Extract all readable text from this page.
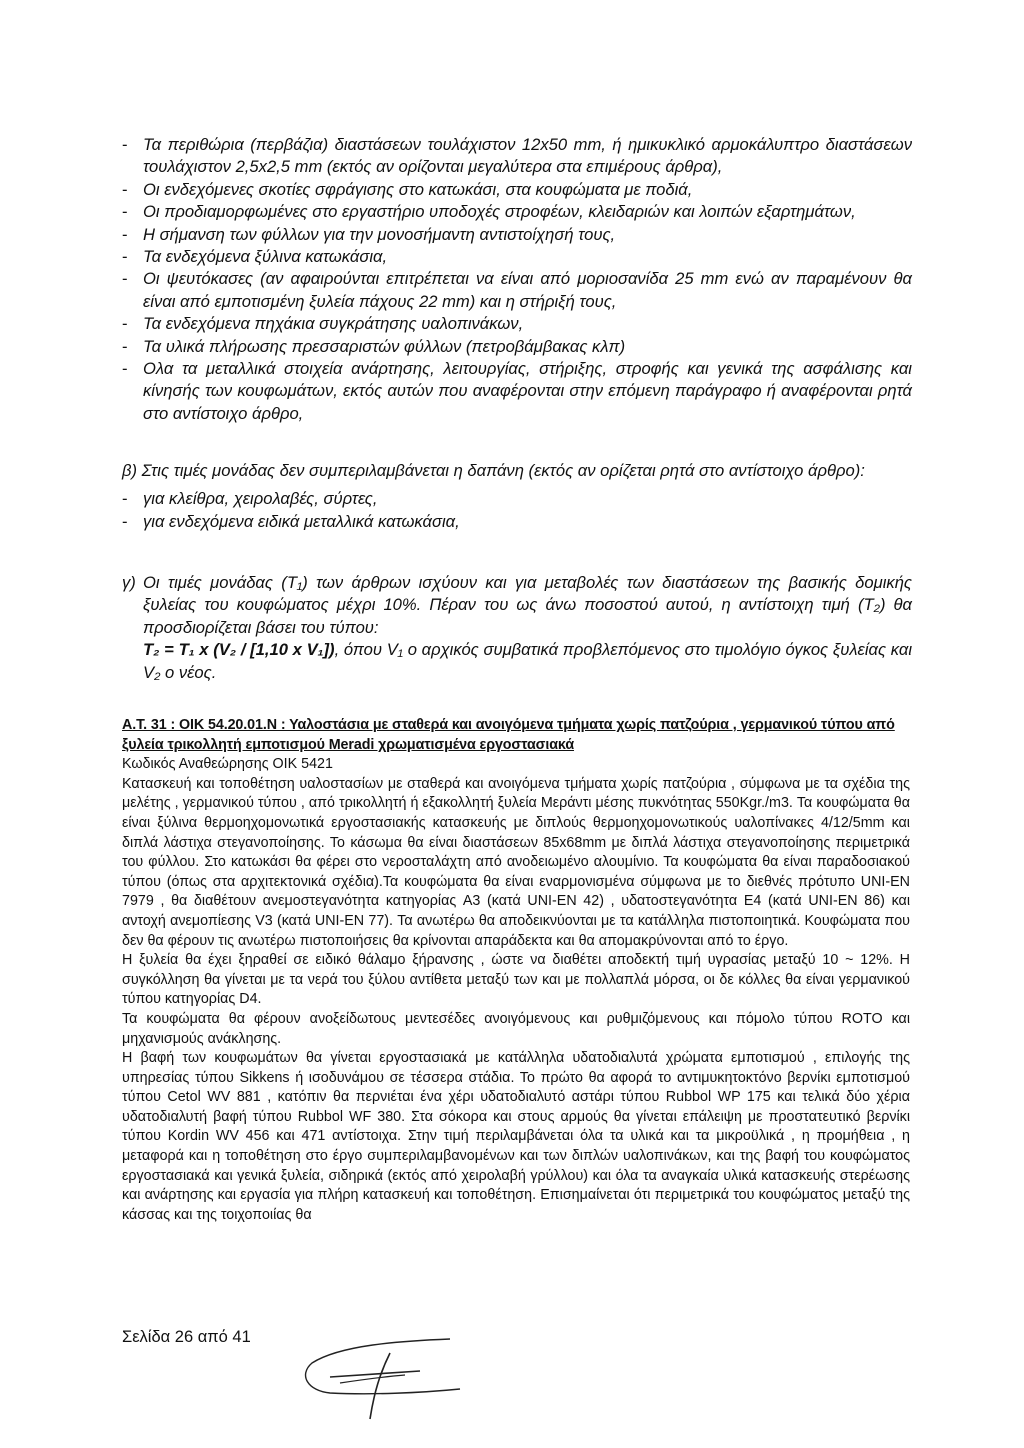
- Τα περιθώρια (περβάζια) διαστάσεων τουλάχιστον 12x50 mm, ή ημικυκλικό αρμοκάλυπτρο διαστάσεων τουλάχιστον 2,5x2,5 mm (εκτός αν ορίζονται μεγαλύτερα στα επιμέρους άρθρα),
- Οι ενδεχόμενες σκοτίες σφράγισης στο κατωκάσι, στα κουφώματα με ποδιά,
- Οι προδιαμορφωμένες στο εργαστήριο υποδοχές στροφέων, κλειδαριών και λοιπών εξαρτημάτων,
- Η σήμανση των φύλλων για την μονοσήμαντη αντιστοίχησή τους,
- Τα ενδεχόμενα ξύλινα κατωκάσια,
- Οι ψευτόκασες (αν αφαιρούνται επιτρέπεται να είναι από μοριοσανίδα 25 mm ενώ αν παραμένουν θα είναι από εμποτισμένη ξυλεία πάχους 22 mm) και η στήριξή τους,
- Τα ενδεχόμενα πηχάκια συγκράτησης υαλοπινάκων,
- Τα υλικά πλήρωσης πρεσσαριστών φύλλων (πετροβάμβακας κλπ)
- Ολα τα μεταλλικά στοιχεία ανάρτησης, λειτουργίας, στήριξης, στροφής και γενικά της ασφάλισης και κίνησής των κουφωμάτων, εκτός αυτών που αναφέρονται στην επόμενη παράγραφο ή αναφέρονται ρητά στο αντίστοιχο άρθρο,
β) Στις τιμές μονάδας δεν συμπεριλαμβάνεται η δαπάνη (εκτός αν ορίζεται ρητά στο αντίστοιχο άρθρο):
- για κλείθρα, χειρολαβές, σύρτες,
- για ενδεχόμενα ειδικά μεταλλικά κατωκάσια,
γ) Οι τιμές μονάδας (T₁) των άρθρων ισχύουν και για μεταβολές των διαστάσεων της βασικής δομικής ξυλείας του κουφώματος μέχρι 10%. Πέραν του ως άνω ποσοστού αυτού, η αντίστοιχη τιμή (T₂) θα προσδιορίζεται βάσει του τύπου:
T₂ = T₁ x (V₂ / [1,10 x V₁]), όπου V₁ ο αρχικός συμβατικά προβλεπόμενος στο τιμολόγιο όγκος ξυλείας και V₂ ο νέος.
Α.Τ. 31 : ΟΙΚ 54.20.01.Ν : Υαλοστάσια με σταθερά και ανοιγόμενα τμήματα χωρίς πατζούρια , γερμανικού τύπου από ξυλεία τρικολλητή εμποτισμού Meradi χρωματισμένα εργοστασιακά
Κωδικός Αναθεώρησης ΟΙΚ 5421

Κατασκευή και τοποθέτηση υαλοστασίων με σταθερά και ανοιγόμενα τμήματα χωρίς πατζούρια , σύμφωνα με τα σχέδια της μελέτης , γερμανικού τύπου , από τρικολλητή ή εξακολλητή ξυλεία Μεράντι μέσης πυκνότητας 550Kgr./m3. Τα κουφώματα θα είναι ξύλινα θερμοηχομονωτικά εργοστασιακής κατασκευής με διπλούς θερμοηχομονωτικούς υαλοπίνακες 4/12/5mm και διπλά λάστιχα στεγανοποίησης. Το κάσωμα θα είναι διαστάσεων 85x68mm με διπλά λάστιχα στεγανοποίησης περιμετρικά του φύλλου. Στο κατωκάσι θα φέρει στο νεροσταλάχτη από ανοδειωμένο αλουμίνιο. Τα κουφώματα θα είναι παραδοσιακού τύπου (όπως στα αρχιτεκτονικά σχέδια).Τα κουφώματα θα είναι εναρμονισμένα σύμφωνα με το διεθνές πρότυπο UNI-EN 7979 , θα διαθέτουν ανεμοστεγανότητα κατηγορίας A3 (κατά UNI-EN 42) , υδατοστεγανότητα E4 (κατά UNI-EN 86) και αντοχή ανεμοπίεσης V3 (κατά UNI-EN 77). Τα ανωτέρω θα αποδεικνύονται με τα κατάλληλα πιστοποιητικά. Κουφώματα που δεν θα φέρουν τις ανωτέρω πιστοποιήσεις θα κρίνονται απαράδεκτα και θα απομακρύνονται από το έργο.

Η ξυλεία θα έχει ξηραθεί σε ειδικό θάλαμο ξήρανσης , ώστε να διαθέτει αποδεκτή τιμή υγρασίας μεταξύ 10 ~ 12%. Η συγκόλληση θα γίνεται με τα νερά του ξύλου αντίθετα μεταξύ των και με πολλαπλά μόρσα, οι δε κόλλες θα είναι γερμανικού τύπου κατηγορίας D4.

Τα κουφώματα θα φέρουν ανοξείδωτους μεντεσέδες ανοιγόμενους και ρυθμιζόμενους και πόμολο τύπου ROTO και μηχανισμούς ανάκλησης.

Η βαφή των κουφωμάτων θα γίνεται εργοστασιακά με κατάλληλα υδατοδιαλυτά χρώματα εμποτισμού , επιλογής της υπηρεσίας τύπου Sikkens ή ισοδυνάμου σε τέσσερα στάδια. Το πρώτο θα αφορά το αντιμυκητοκτόνο βερνίκι εμποτισμού τύπου Cetol WV 881 , κατόπιν θα περνιέται ένα χέρι υδατοδιαλυτό αστάρι τύπου Rubbol WP 175 και τελικά δύο χέρια υδατοδιαλυτή βαφή τύπου Rubbol WF 380. Στα σόκορα και στους αρμούς θα γίνεται επάλειψη με προστατευτικό βερνίκι τύπου Kordin WV 456 και 471 αντίστοιχα. Στην τιμή περιλαμβάνεται όλα τα υλικά και τα μικροϋλικά , η προμήθεια , η μεταφορά και η τοποθέτηση στο έργο συμπεριλαμβανομένων και των διπλών υαλοπινάκων, και της βαφή του κουφώματος εργοστασιακά και γενικά ξυλεία, σιδηρικά (εκτός από χειρολαβή γρύλλου) και όλα τα αναγκαία υλικά κατασκευής στερέωσης και ανάρτησης και εργασία για πλήρη κατασκευή και τοποθέτηση. Επισημαίνεται ότι περιμετρικά του κουφώματος μεταξύ της κάσσας και της τοιχοποιίας θα

Σελίδα 26 από 41
